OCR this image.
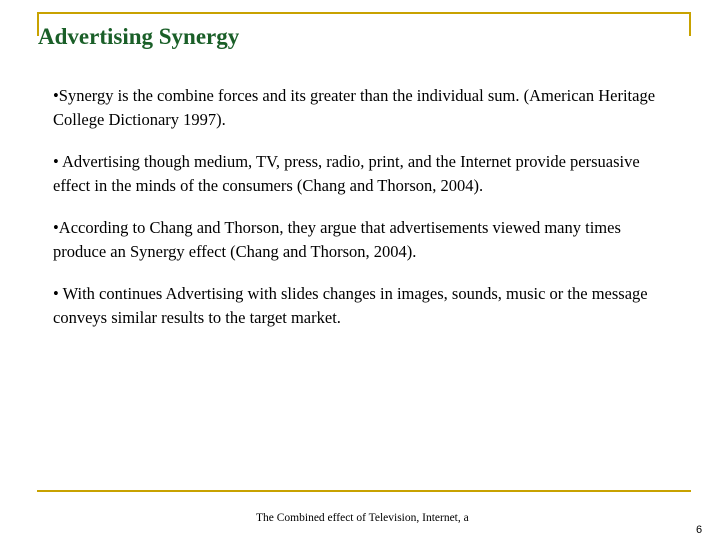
Advertising Synergy
•Synergy is the combine forces and its greater than the individual sum. (American Heritage College Dictionary 1997).
• Advertising though medium, TV, press, radio, print, and the Internet provide persuasive effect in the minds of the consumers (Chang and Thorson, 2004).
•According to Chang and Thorson, they argue that advertisements viewed many times produce an Synergy effect (Chang and Thorson, 2004).
• With continues Advertising with slides changes in images, sounds, music or the message conveys similar results to the target market.
The Combined effect of Television, Internet, a
6
